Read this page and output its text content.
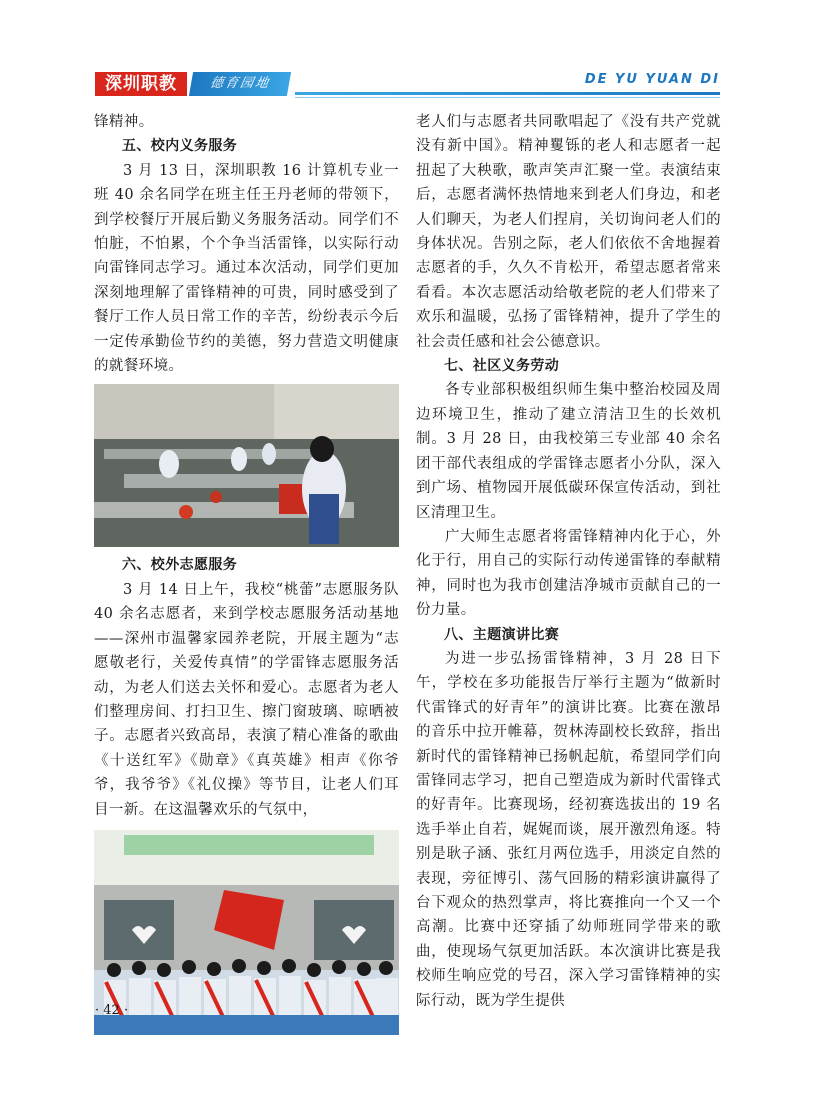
深圳职教	德育园地	DE YU YUAN DI

锋精神。

五、校内义务服务

3 月 13 日，深圳职教 16 计算机专业一班 40 余名同学在班主任王丹老师的带领下，到学校餐厅开展后勤义务服务活动。同学们不怕脏，不怕累，个个争当活雷锋，以实际行动向雷锋同志学习。通过本次活动，同学们更加深刻地理解了雷锋精神的可贵，同时感受到了餐厅工作人员日常工作的辛苦，纷纷表示今后一定传承勤俭节约的美德，努力营造文明健康的就餐环境。

六、校外志愿服务

3 月 14 日上午，我校“桃蕾”志愿服务队 40 余名志愿者，来到学校志愿服务活动基地——深州市温馨家园养老院，开展主题为“志愿敬老行，关爱传真情”的学雷锋志愿服务活动，为老人们送去关怀和爱心。志愿者为老人们整理房间、打扫卫生、擦门窗玻璃、晾晒被子。志愿者兴致高昂，表演了精心准备的歌曲《十送红军》《勋章》《真英雄》相声《你爷爷，我爷爷》《礼仪操》等节目，让老人们耳目一新。在这温馨欢乐的气氛中，

老人们与志愿者共同歌唱起了《没有共产党就没有新中国》。精神矍铄的老人和志愿者一起扭起了大秧歌，歌声笑声汇聚一堂。表演结束后，志愿者满怀热情地来到老人们身边，和老人们聊天，为老人们捏肩，关切询问老人们的身体状况。告别之际，老人们依依不舍地握着志愿者的手，久久不肯松开，希望志愿者常来看看。本次志愿活动给敬老院的老人们带来了欢乐和温暖，弘扬了雷锋精神，提升了学生的社会责任感和社会公德意识。

七、社区义务劳动

各专业部积极组织师生集中整治校园及周边环境卫生，推动了建立清洁卫生的长效机制。3 月 28 日，由我校第三专业部 40 余名团干部代表组成的学雷锋志愿者小分队，深入到广场、植物园开展低碳环保宣传活动，到社区清理卫生。

广大师生志愿者将雷锋精神内化于心，外化于行，用自己的实际行动传递雷锋的奉献精神，同时也为我市创建洁净城市贡献自己的一份力量。

八、主题演讲比赛

为进一步弘扬雷锋精神，3 月 28 日下午，学校在多功能报告厅举行主题为“做新时代雷锋式的好青年”的演讲比赛。比赛在激昂的音乐中拉开帷幕，贺林涛副校长致辞，指出新时代的雷锋精神已扬帆起航，希望同学们向雷锋同志学习，把自己塑造成为新时代雷锋式的好青年。比赛现场，经初赛选拔出的 19 名选手举止自若，娓娓而谈，展开激烈角逐。特别是耿子涵、张红月两位选手，用淡定自然的表现，旁征博引、荡气回肠的精彩演讲赢得了台下观众的热烈掌声，将比赛推向一个又一个高潮。比赛中还穿插了幼师班同学带来的歌曲，使现场气氛更加活跃。本次演讲比赛是我校师生响应党的号召，深入学习雷锋精神的实际行动，既为学生提供

· 42 ·
